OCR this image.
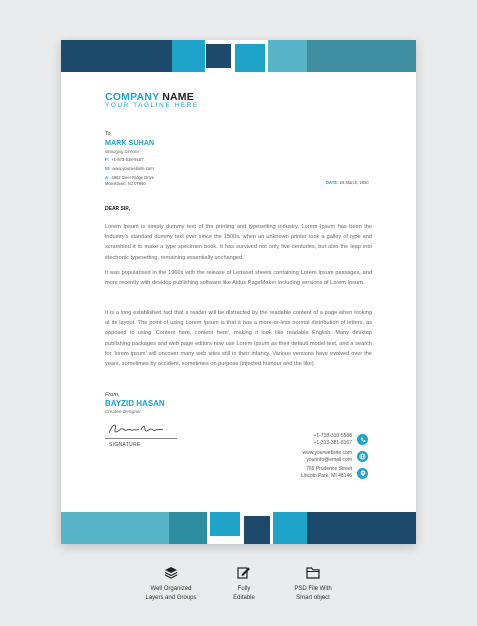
COMPANY NAME
YOUR TAGLINE HERE
To,
MARK SUHAN
Managing Director
P: +1-973-538-9187
W: www.yourwebsite.com
A: 4962 Deer Ridge Drive
Morristown, NJ 07960	DATE: 26 March, 2050
DEAR SIR,
Lorem Ipsum is simply dummy text of the printing and typesetting industry. Lorem Ipsum has been the industry's standard dummy text ever since the 1500s, when an unknown printer took a galley of type and scrambled it to make a type specimen book. It has survived not only five centuries, but also the leap into electronic typesetting, remaining essentially unchanged.
It was popularised in the 1960s with the release of Letraset sheets containing Lorem Ipsum passages, and more recently with desktop publishing software like Aldus PageMaker including versions of Lorem Ipsum.
It is a long established fact that a reader will be distracted by the readable content of a page when looking at its layout. The point of using Lorem Ipsum is that it has a more-or-less normal distribution of letters, as opposed to using 'Content here, content here', making it look like readable English. Many desktop publishing packages and web page editors now use Lorem Ipsum as their default model text, and a search for 'lorem ipsum' will uncover many web sites still in their infancy. Various versions have evolved over the years, sometimes by accident, sometimes on purpose (injected humour and the like).
From,
BAYZID HASAN
Creative Designer
SIGNATURE
+1-718-310-5588
+1-313-381-8167
www.yourwebsite.com
yourinfo@email.com
769 Prudence Street
Lincoln Park, MI 48146
Well Organized
Layers and Groups
Fully
Editable
PSD File With
Smart object
